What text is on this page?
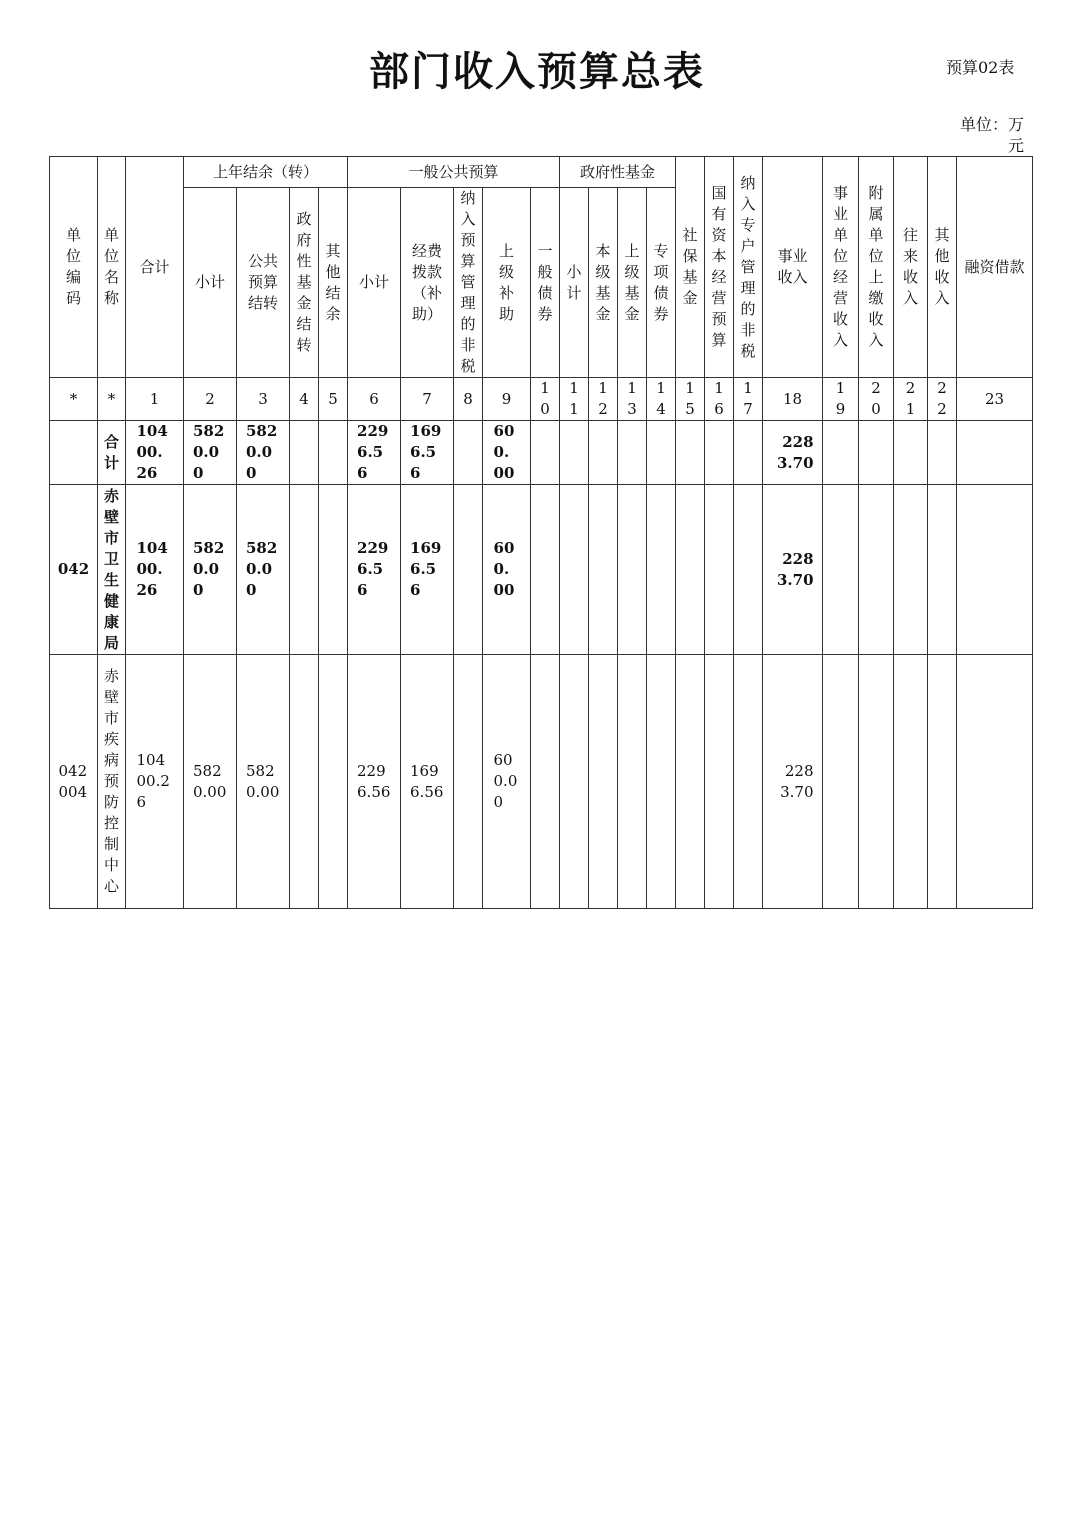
部门收入预算总表	预算02表
单位：万元
单位编码	单位名称	合计	上年结余（转）				一般公共预算					政府性基金				社保基金	国有资本经营预算	纳入专户管理的非税	事业收入	事业单位经营收入	附属单位上缴收入	往来收入	其他收入	融资借款

			小计	公共预算结转	政府性基金结转	其他结余	小计	经费拨款（补助）	纳入预算管理的非税	上级补助	一般债券	小计	本级基金	上级基金	专项债券									

*	*	1	2	3	4	5	6	7	8	9	10	11	12	13	14	15	16	17	18	19	20	21	22	23

	合计	10400.26	5820.00	5820.00			2296.56	1696.56		600.00									2283.70					

042	赤壁市卫生健康局	10400.26	5820.00	5820.00			2296.56	1696.56		600.00									2283.70					

042004	赤壁市疾病预防控制中心	10400.26	5820.00	5820.00			2296.56	1696.56		600.00									2283.70					
